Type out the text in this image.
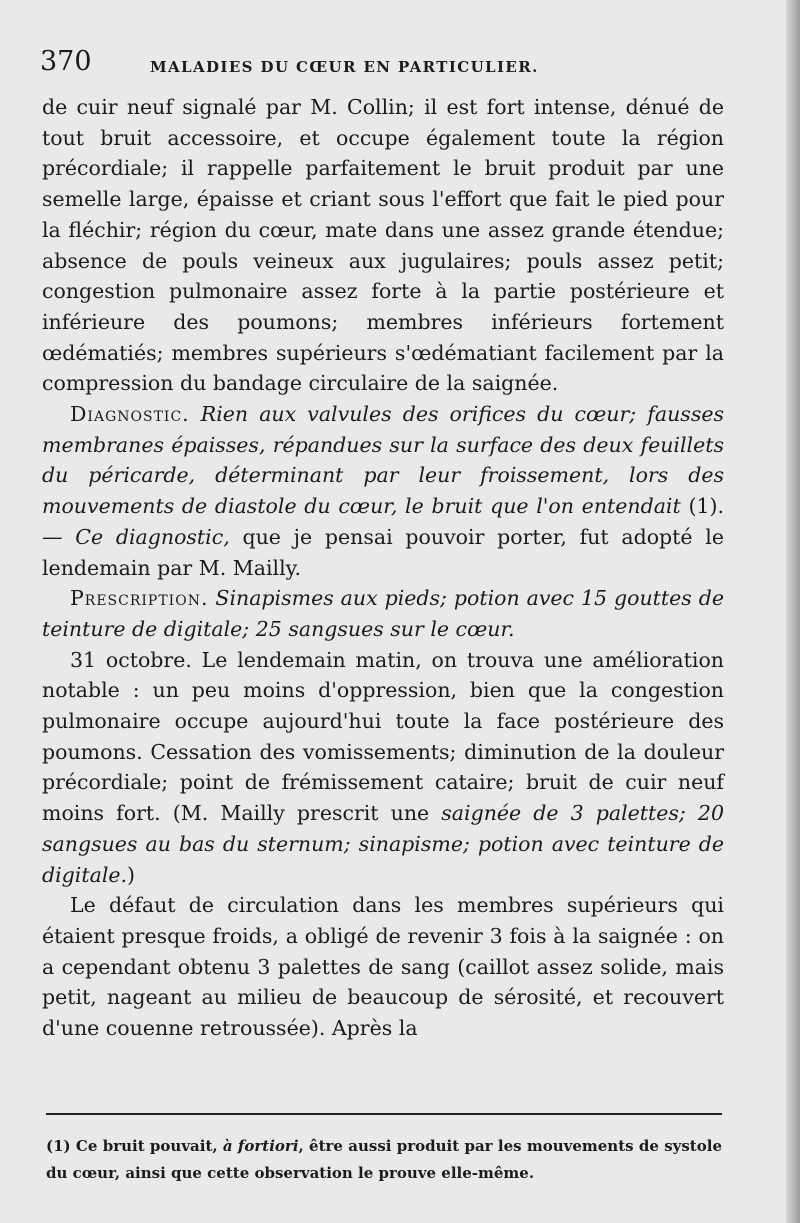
370	MALADIES DU CŒUR EN PARTICULIER.

de cuir neuf signalé par M. Collin; il est fort intense, dénué de tout bruit accessoire, et occupe également toute la région précordiale; il rappelle parfaitement le bruit produit par une semelle large, épaisse et criant sous l'effort que fait le pied pour la fléchir; région du cœur, mate dans une assez grande étendue; absence de pouls veineux aux jugulaires; pouls assez petit; congestion pulmonaire assez forte à la partie postérieure et inférieure des poumons; membres inférieurs fortement œdématiés; membres supérieurs s'œdématiant facilement par la compression du bandage circulaire de la saignée.

Diagnostic. Rien aux valvules des orifices du cœur; fausses membranes épaisses, répandues sur la surface des deux feuillets du péricarde, déterminant par leur froissement, lors des mouvements de diastole du cœur, le bruit que l'on entendait (1). — Ce diagnostic, que je pensai pouvoir porter, fut adopté le lendemain par M. Mailly.

Prescription. Sinapismes aux pieds; potion avec 15 gouttes de teinture de digitale; 25 sangsues sur le cœur.

31 octobre. Le lendemain matin, on trouva une amélioration notable : un peu moins d'oppression, bien que la congestion pulmonaire occupe aujourd'hui toute la face postérieure des poumons. Cessation des vomissements; diminution de la douleur précordiale; point de frémissement cataire; bruit de cuir neuf moins fort. (M. Mailly prescrit une saignée de 3 palettes; 20 sangsues au bas du sternum; sinapisme; potion avec teinture de digitale.)

Le défaut de circulation dans les membres supérieurs qui étaient presque froids, a obligé de revenir 3 fois à la saignée : on a cependant obtenu 3 palettes de sang (caillot assez solide, mais petit, nageant au milieu de beaucoup de sérosité, et recouvert d'une couenne retroussée). Après la

(1) Ce bruit pouvait, à fortiori, être aussi produit par les mouvements de systole du cœur, ainsi que cette observation le prouve elle-même.
